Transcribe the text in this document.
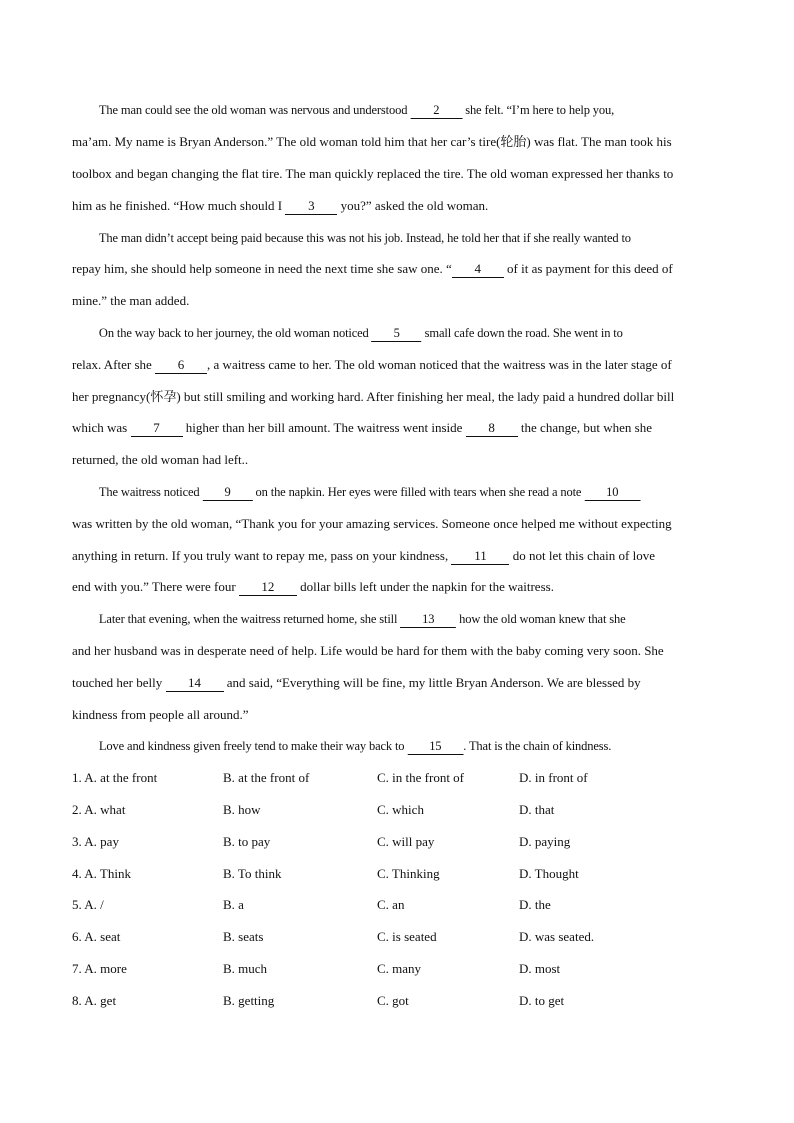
The man could see the old woman was nervous and understood 2 she felt. “I’m here to help you,
ma’am. My name is Bryan Anderson.” The old woman told him that her car’s tire(轮胎) was flat. The man took his
toolbox and began changing the flat tire. The man quickly replaced the tire. The old woman expressed her thanks to
him as he finished. “How much should I 3 you?” asked the old woman.
The man didn’t accept being paid because this was not his job. Instead, he told her that if she really wanted to
repay him, she should help someone in need the next time she saw one. “ 4 of it as payment for this deed of
mine.” the man added.
On the way back to her journey, the old woman noticed 5 small cafe down the road. She went in to
relax. After she 6 , a waitress came to her. The old woman noticed that the waitress was in the later stage of
her pregnancy(怀孕) but still smiling and working hard. After finishing her meal, the lady paid a hundred dollar bill
which was 7 higher than her bill amount. The waitress went inside 8 the change, but when she
returned, the old woman had left..
The waitress noticed 9 on the napkin. Her eyes were filled with tears when she read a note 10
was written by the old woman, “Thank you for your amazing services. Someone once helped me without expecting
anything in return. If you truly want to repay me, pass on your kindness, 11 do not let this chain of love
end with you.” There were four 12 dollar bills left under the napkin for the waitress.
Later that evening, when the waitress returned home, she still 13 how the old woman knew that she
and her husband was in desperate need of help. Life would be hard for them with the baby coming very soon. She
touched her belly 14 and said, “Everything will be fine, my little Bryan Anderson. We are blessed by
kindness from people all around.”
Love and kindness given freely tend to make their way back to 15 . That is the chain of kindness.
1. A. at the front	B. at the front of	C. in the front of	D. in front of
2. A. what	B. how	C. which	D. that
3. A. pay	B. to pay	C. will pay	D. paying
4. A. Think	B. To think	C. Thinking	D. Thought
5. A. /	B. a	C. an	D. the
6. A. seat	B. seats	C. is seated	D. was seated.
7. A. more	B. much	C. many	D. most
8. A. get	B. getting	C. got	D. to get
